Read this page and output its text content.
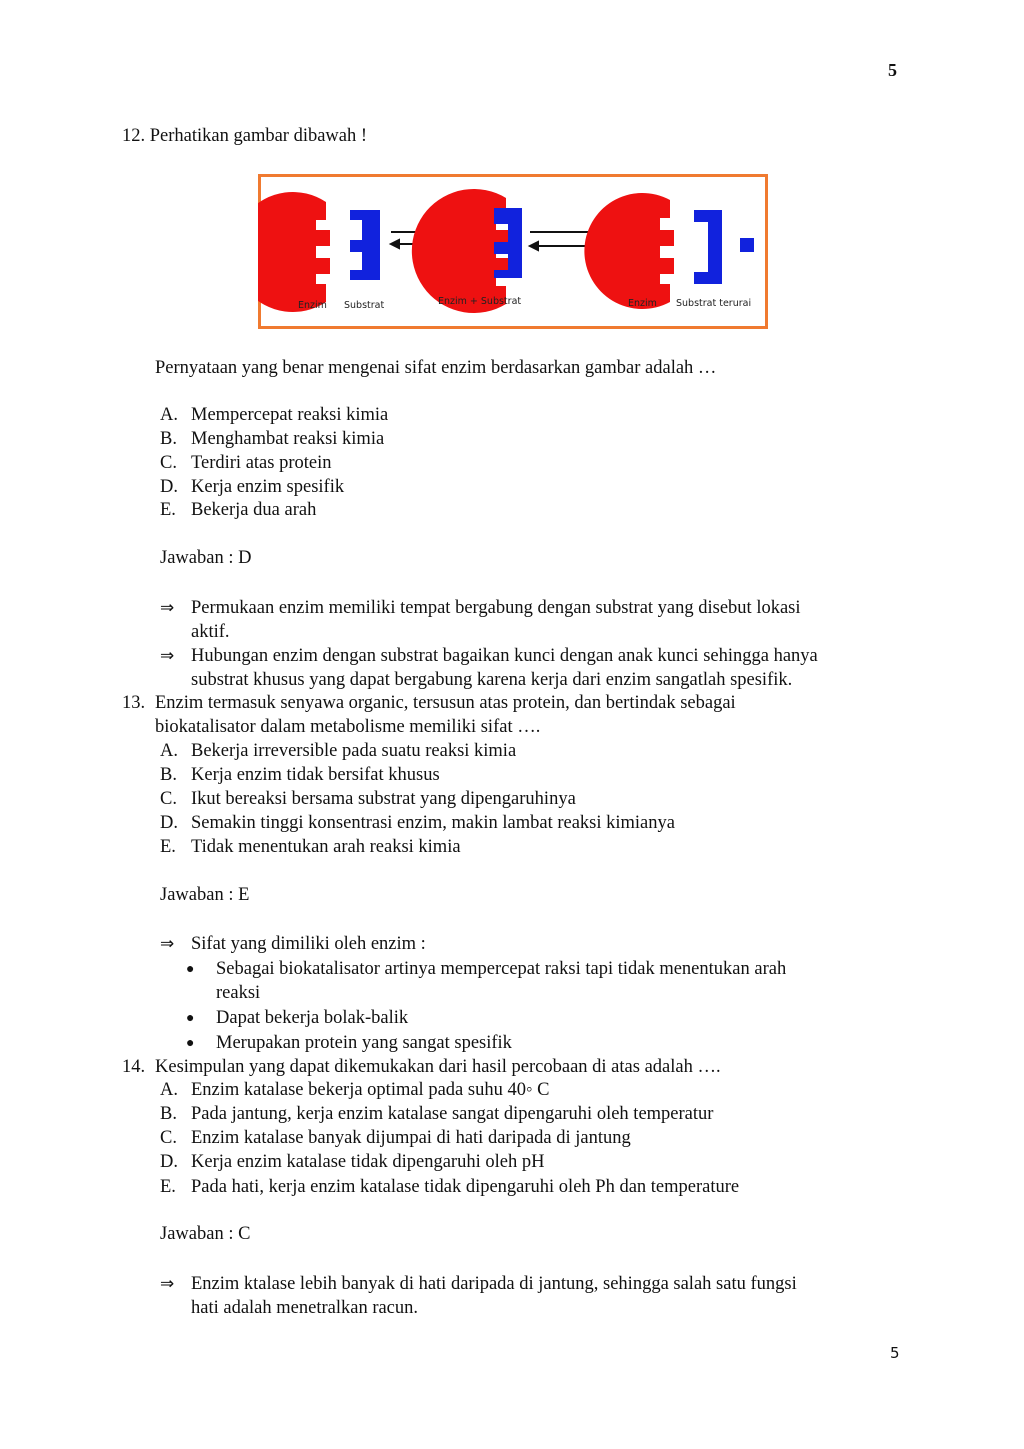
5
12. Perhatikan gambar dibawah !
Enzim Substrat	Enzim + Substrat	Enzim Substrat terurai
Pernyataan yang benar mengenai sifat enzim berdasarkan gambar adalah …
A. Mempercepat reaksi kimia
B. Menghambat reaksi kimia
C. Terdiri atas protein
D. Kerja enzim spesifik
E. Bekerja dua arah
Jawaban : D
⇒ Permukaan enzim memiliki tempat bergabung dengan substrat yang disebut lokasi
aktif.
⇒ Hubungan enzim dengan substrat bagaikan kunci dengan anak kunci sehingga hanya
substrat khusus yang dapat bergabung karena kerja dari enzim sangatlah spesifik.
13. Enzim termasuk senyawa organic, tersusun atas protein, dan bertindak sebagai
biokatalisator dalam metabolisme memiliki sifat ….
A. Bekerja irreversible pada suatu reaksi kimia
B. Kerja enzim tidak bersifat khusus
C. Ikut bereaksi bersama substrat yang dipengaruhinya
D. Semakin tinggi konsentrasi enzim, makin lambat reaksi kimianya
E. Tidak menentukan arah reaksi kimia
Jawaban : E
⇒ Sifat yang dimiliki oleh enzim :
● Sebagai biokatalisator artinya mempercepat raksi tapi tidak menentukan arah
reaksi
● Dapat bekerja bolak-balik
● Merupakan protein yang sangat spesifik
14. Kesimpulan yang dapat dikemukakan dari hasil percobaan di atas adalah ….
A. Enzim katalase bekerja optimal pada suhu 40◦ C
B. Pada jantung, kerja enzim katalase sangat dipengaruhi oleh temperatur
C. Enzim katalase banyak dijumpai di hati daripada di jantung
D. Kerja enzim katalase tidak dipengaruhi oleh pH
E. Pada hati, kerja enzim katalase tidak dipengaruhi oleh Ph dan temperature
Jawaban : C
⇒ Enzim ktalase lebih banyak di hati daripada di jantung, sehingga salah satu fungsi
hati adalah menetralkan racun.
5
